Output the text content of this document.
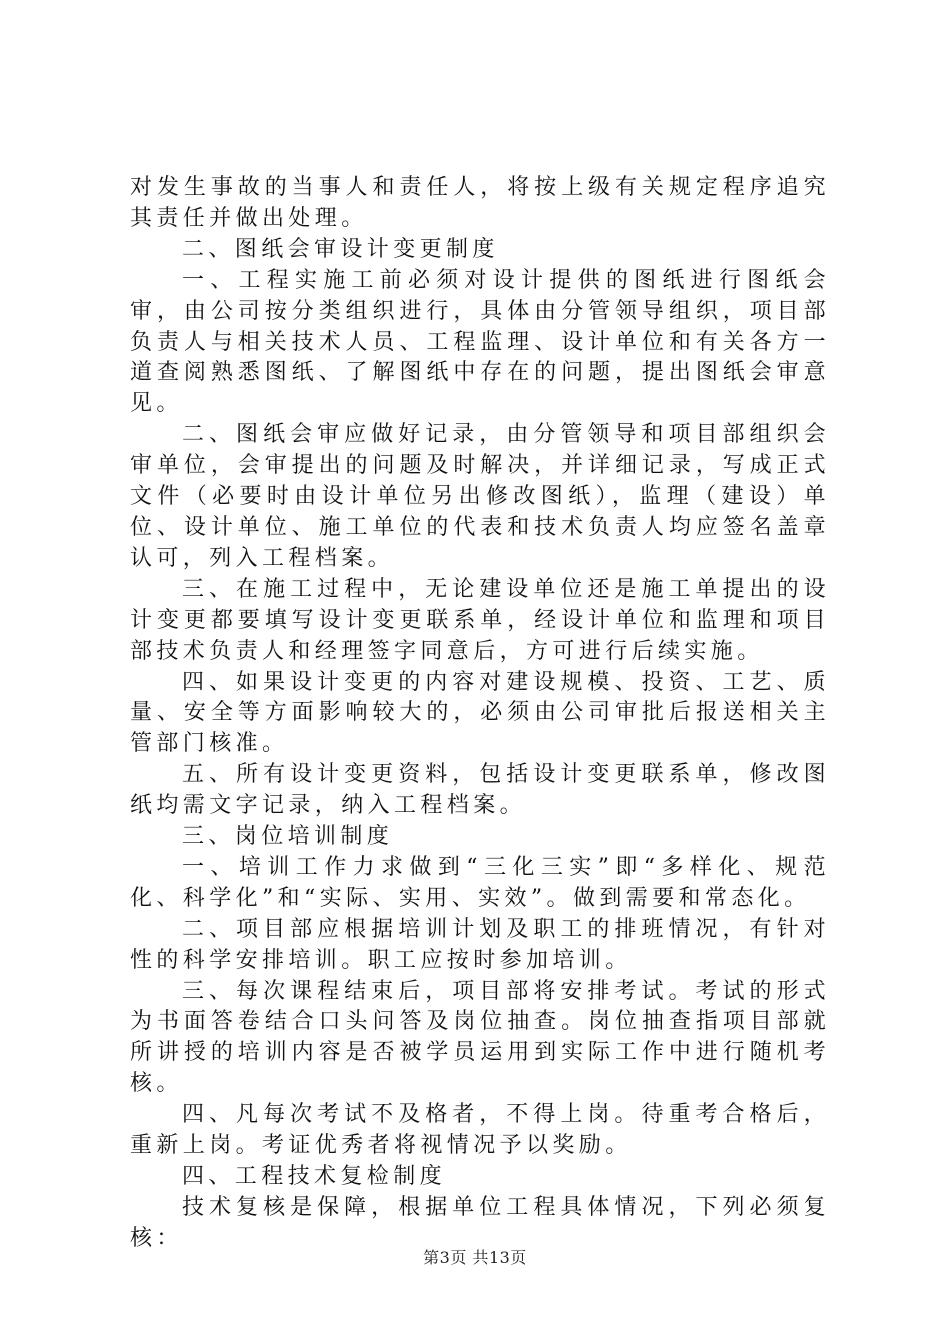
对发生事故的当事人和责任人，将按上级有关规定程序追究其责任并做出处理。

二、图纸会审设计变更制度

一、工程实施工前必须对设计提供的图纸进行图纸会审，由公司按分类组织进行，具体由分管领导组织，项目部负责人与相关技术人员、工程监理、设计单位和有关各方一道查阅熟悉图纸、了解图纸中存在的问题，提出图纸会审意见。

二、图纸会审应做好记录，由分管领导和项目部组织会审单位，会审提出的问题及时解决，并详细记录，写成正式文件（必要时由设计单位另出修改图纸），监理（建设）单位、设计单位、施工单位的代表和技术负责人均应签名盖章认可，列入工程档案。

三、在施工过程中，无论建设单位还是施工单提出的设计变更都要填写设计变更联系单，经设计单位和监理和项目部技术负责人和经理签字同意后，方可进行后续实施。

四、如果设计变更的内容对建设规模、投资、工艺、质量、安全等方面影响较大的，必须由公司审批后报送相关主管部门核准。

五、所有设计变更资料，包括设计变更联系单，修改图纸均需文字记录，纳入工程档案。

三、岗位培训制度

一、培训工作力求做到“三化三实”即“多样化、规范化、科学化”和“实际、实用、实效”。做到需要和常态化。

二、项目部应根据培训计划及职工的排班情况，有针对性的科学安排培训。职工应按时参加培训。

三、每次课程结束后，项目部将安排考试。考试的形式为书面答卷结合口头问答及岗位抽查。岗位抽查指项目部就所讲授的培训内容是否被学员运用到实际工作中进行随机考核。

四、凡每次考试不及格者，不得上岗。待重考合格后，重新上岗。考证优秀者将视情况予以奖励。

四、工程技术复检制度

技术复核是保障，根据单位工程具体情况，下列必须复核：

第3页 共13页
